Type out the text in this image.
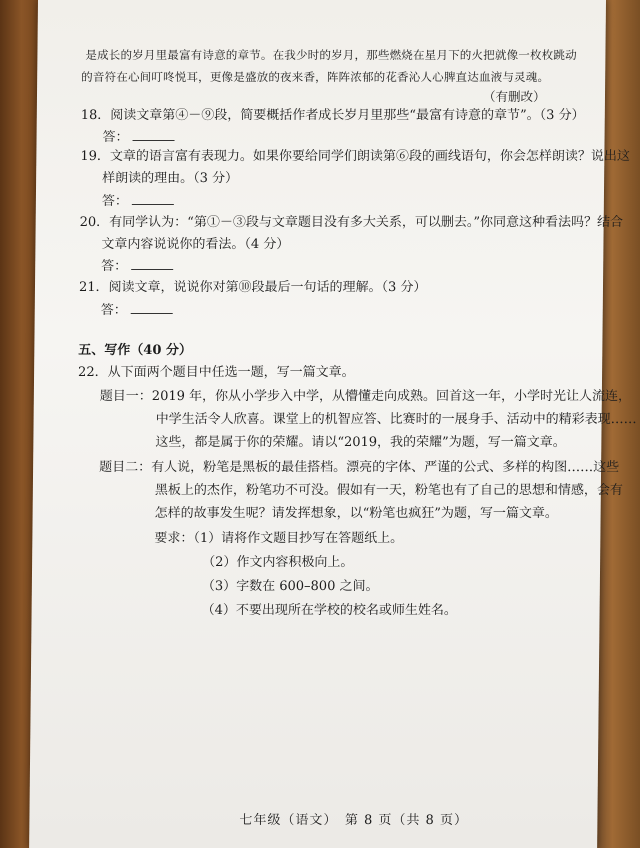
是成长的岁月里最富有诗意的章节。在我少时的岁月，那些燃烧在星月下的火把就像一枚枚跳动
的音符在心间叮咚悦耳，更像是盛放的夜来香，阵阵浓郁的花香沁人心脾直达血液与灵魂。
（有删改）
18．阅读文章第④－⑨段，简要概括作者成长岁月里那些“最富有诗意的章节”。（3 分）
答：
19．文章的语言富有表现力。如果你要给同学们朗读第⑥段的画线语句，你会怎样朗读？说出这
样朗读的理由。（3 分）
答：
20．有同学认为：“第①－③段与文章题目没有多大关系，可以删去。”你同意这种看法吗？结合
文章内容说说你的看法。（4 分）
答：
21．阅读文章，说说你对第⑩段最后一句话的理解。（3 分）
答：
五、写作（40 分）
22．从下面两个题目中任选一题，写一篇文章。
题目一：2019 年，你从小学步入中学，从懵懂走向成熟。回首这一年，小学时光让人流连，
中学生活令人欣喜。课堂上的机智应答、比赛时的一展身手、活动中的精彩表现……
这些，都是属于你的荣耀。请以“2019，我的荣耀”为题，写一篇文章。
题目二：有人说，粉笔是黑板的最佳搭档。漂亮的字体、严谨的公式、多样的构图……这些
黑板上的杰作，粉笔功不可没。假如有一天，粉笔也有了自己的思想和情感，会有
怎样的故事发生呢？请发挥想象，以“粉笔也疯狂”为题，写一篇文章。
要求：（1）请将作文题目抄写在答题纸上。
（2）作文内容积极向上。
（3）字数在 600–800 之间。
（4）不要出现所在学校的校名或师生姓名。
七年级（语文）　第 8 页（共 8 页）
